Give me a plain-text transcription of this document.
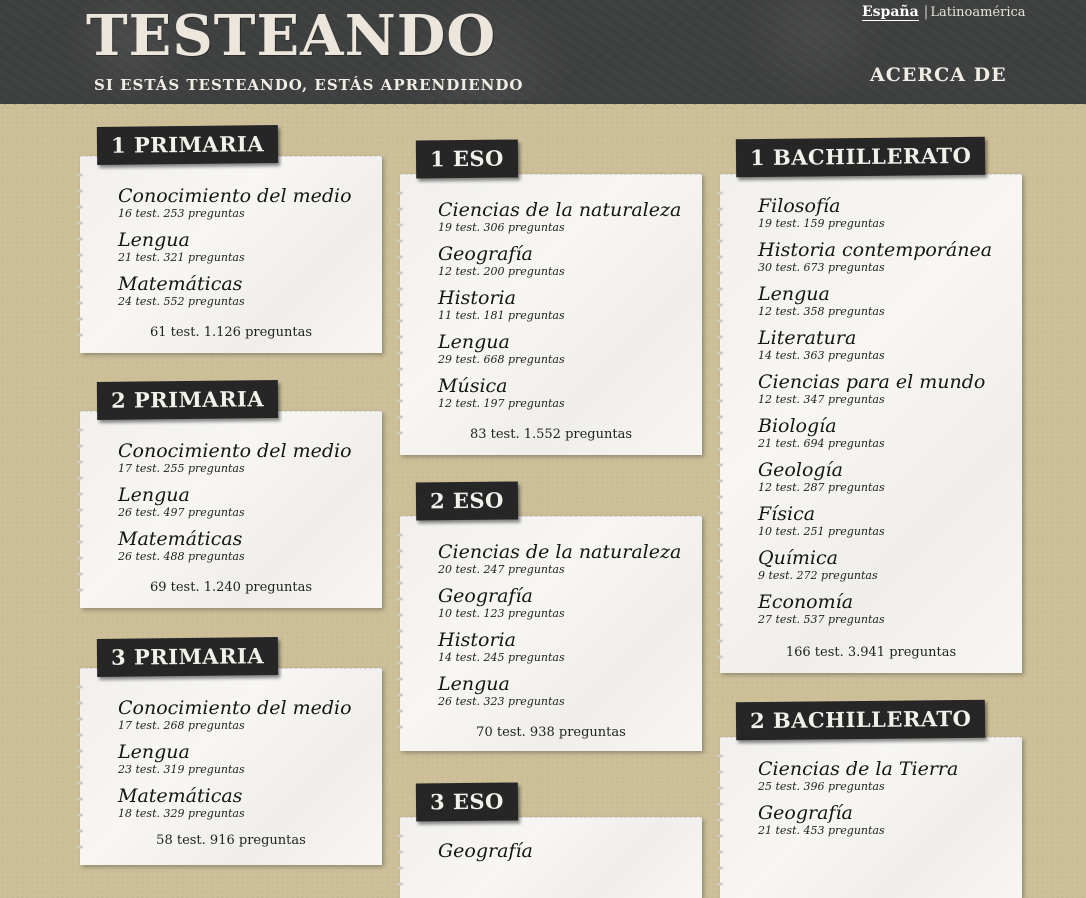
TESTEANDO
SI ESTÁS TESTEANDO, ESTÁS APRENDIENDO	ACERCA DE
España | Latinoamérica
Conocimiento del medio
16 test. 253 preguntas
Lengua
21 test. 321 preguntas
Matemáticas
24 test. 552 preguntas
61 test. 1.126 preguntas
1 PRIMARIA
Conocimiento del medio
17 test. 255 preguntas
Lengua
26 test. 497 preguntas
Matemáticas
26 test. 488 preguntas
69 test. 1.240 preguntas
2 PRIMARIA
Conocimiento del medio
17 test. 268 preguntas
Lengua
23 test. 319 preguntas
Matemáticas
18 test. 329 preguntas
58 test. 916 preguntas
3 PRIMARIA
Ciencias de la naturaleza
19 test. 306 preguntas
Geografía
12 test. 200 preguntas
Historia
11 test. 181 preguntas
Lengua
29 test. 668 preguntas
Música
12 test. 197 preguntas
83 test. 1.552 preguntas
1 ESO
Ciencias de la naturaleza
20 test. 247 preguntas
Geografía
10 test. 123 preguntas
Historia
14 test. 245 preguntas
Lengua
26 test. 323 preguntas
70 test. 938 preguntas
2 ESO
Geografía
3 ESO
Filosofía
19 test. 159 preguntas
Historia contemporánea
30 test. 673 preguntas
Lengua
12 test. 358 preguntas
Literatura
14 test. 363 preguntas
Ciencias para el mundo
12 test. 347 preguntas
Biología
21 test. 694 preguntas
Geología
12 test. 287 preguntas
Física
10 test. 251 preguntas
Química
9 test. 272 preguntas
Economía
27 test. 537 preguntas
166 test. 3.941 preguntas
1 BACHILLERATO
Ciencias de la Tierra
25 test. 396 preguntas
Geografía
21 test. 453 preguntas
2 BACHILLERATO
